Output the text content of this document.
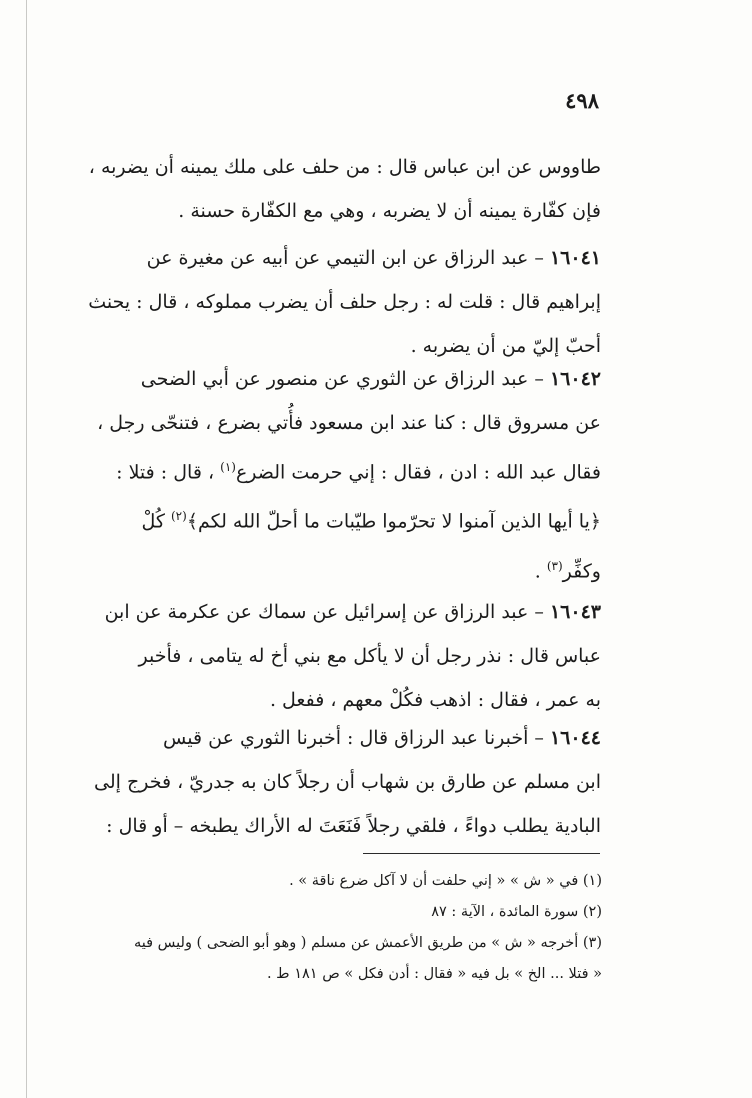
٤٩٨

طاووس عن ابن عباس قال : من حلف على ملك يمينه أن يضربه ،

فإن كفّارة يمينه أن لا يضربه ، وهي مع الكفّارة حسنة .

١٦٠٤١ – عبد الرزاق عن ابن التيمي عن أبيه عن مغيرة عن

إبراهيم قال : قلت له : رجل حلف أن يضرب مملوكه ، قال : يحنث

أحبّ إليّ من أن يضربه .

١٦٠٤٢ – عبد الرزاق عن الثوري عن منصور عن أبي الضحى

عن مسروق قال : كنا عند ابن مسعود فأُتي بضرع ، فتنحّى رجل ،

فقال عبد الله : ادن ، فقال : إني حرمت الضرع$^{(١)}$ ، قال : فتلا :

﴿يا أيها الذين آمنوا لا تحرّموا طيّبات ما أحلّ الله لكم﴾$^{(٢)}$ كُلْ

وكفِّر$^{(٣)}$ .

١٦٠٤٣ – عبد الرزاق عن إسرائيل عن سماك عن عكرمة عن ابن

عباس قال : نذر رجل أن لا يأكل مع بني أخ له يتامى ، فأخبر

به عمر ، فقال : اذهب فكُلْ معهم ، ففعل .

١٦٠٤٤ – أخبرنا عبد الرزاق قال : أخبرنا الثوري عن قيس

ابن مسلم عن طارق بن شهاب أن رجلاً كان به جدريّ ، فخرج إلى

البادية يطلب دواءً ، فلقي رجلاً فَنَعَتَ له الأراك يطبخه – أو قال :

(١) في « ش » « إني حلفت أن لا آكل ضرع ناقة » .

(٢) سورة المائدة ، الآية : ٨٧

(٣) أخرجه « ش » من طريق الأعمش عن مسلم ( وهو أبو الضحى ) وليس فيه

« فتلا ... الخ » بل فيه « فقال : أدن فكل » ص ١٨١ ط .
